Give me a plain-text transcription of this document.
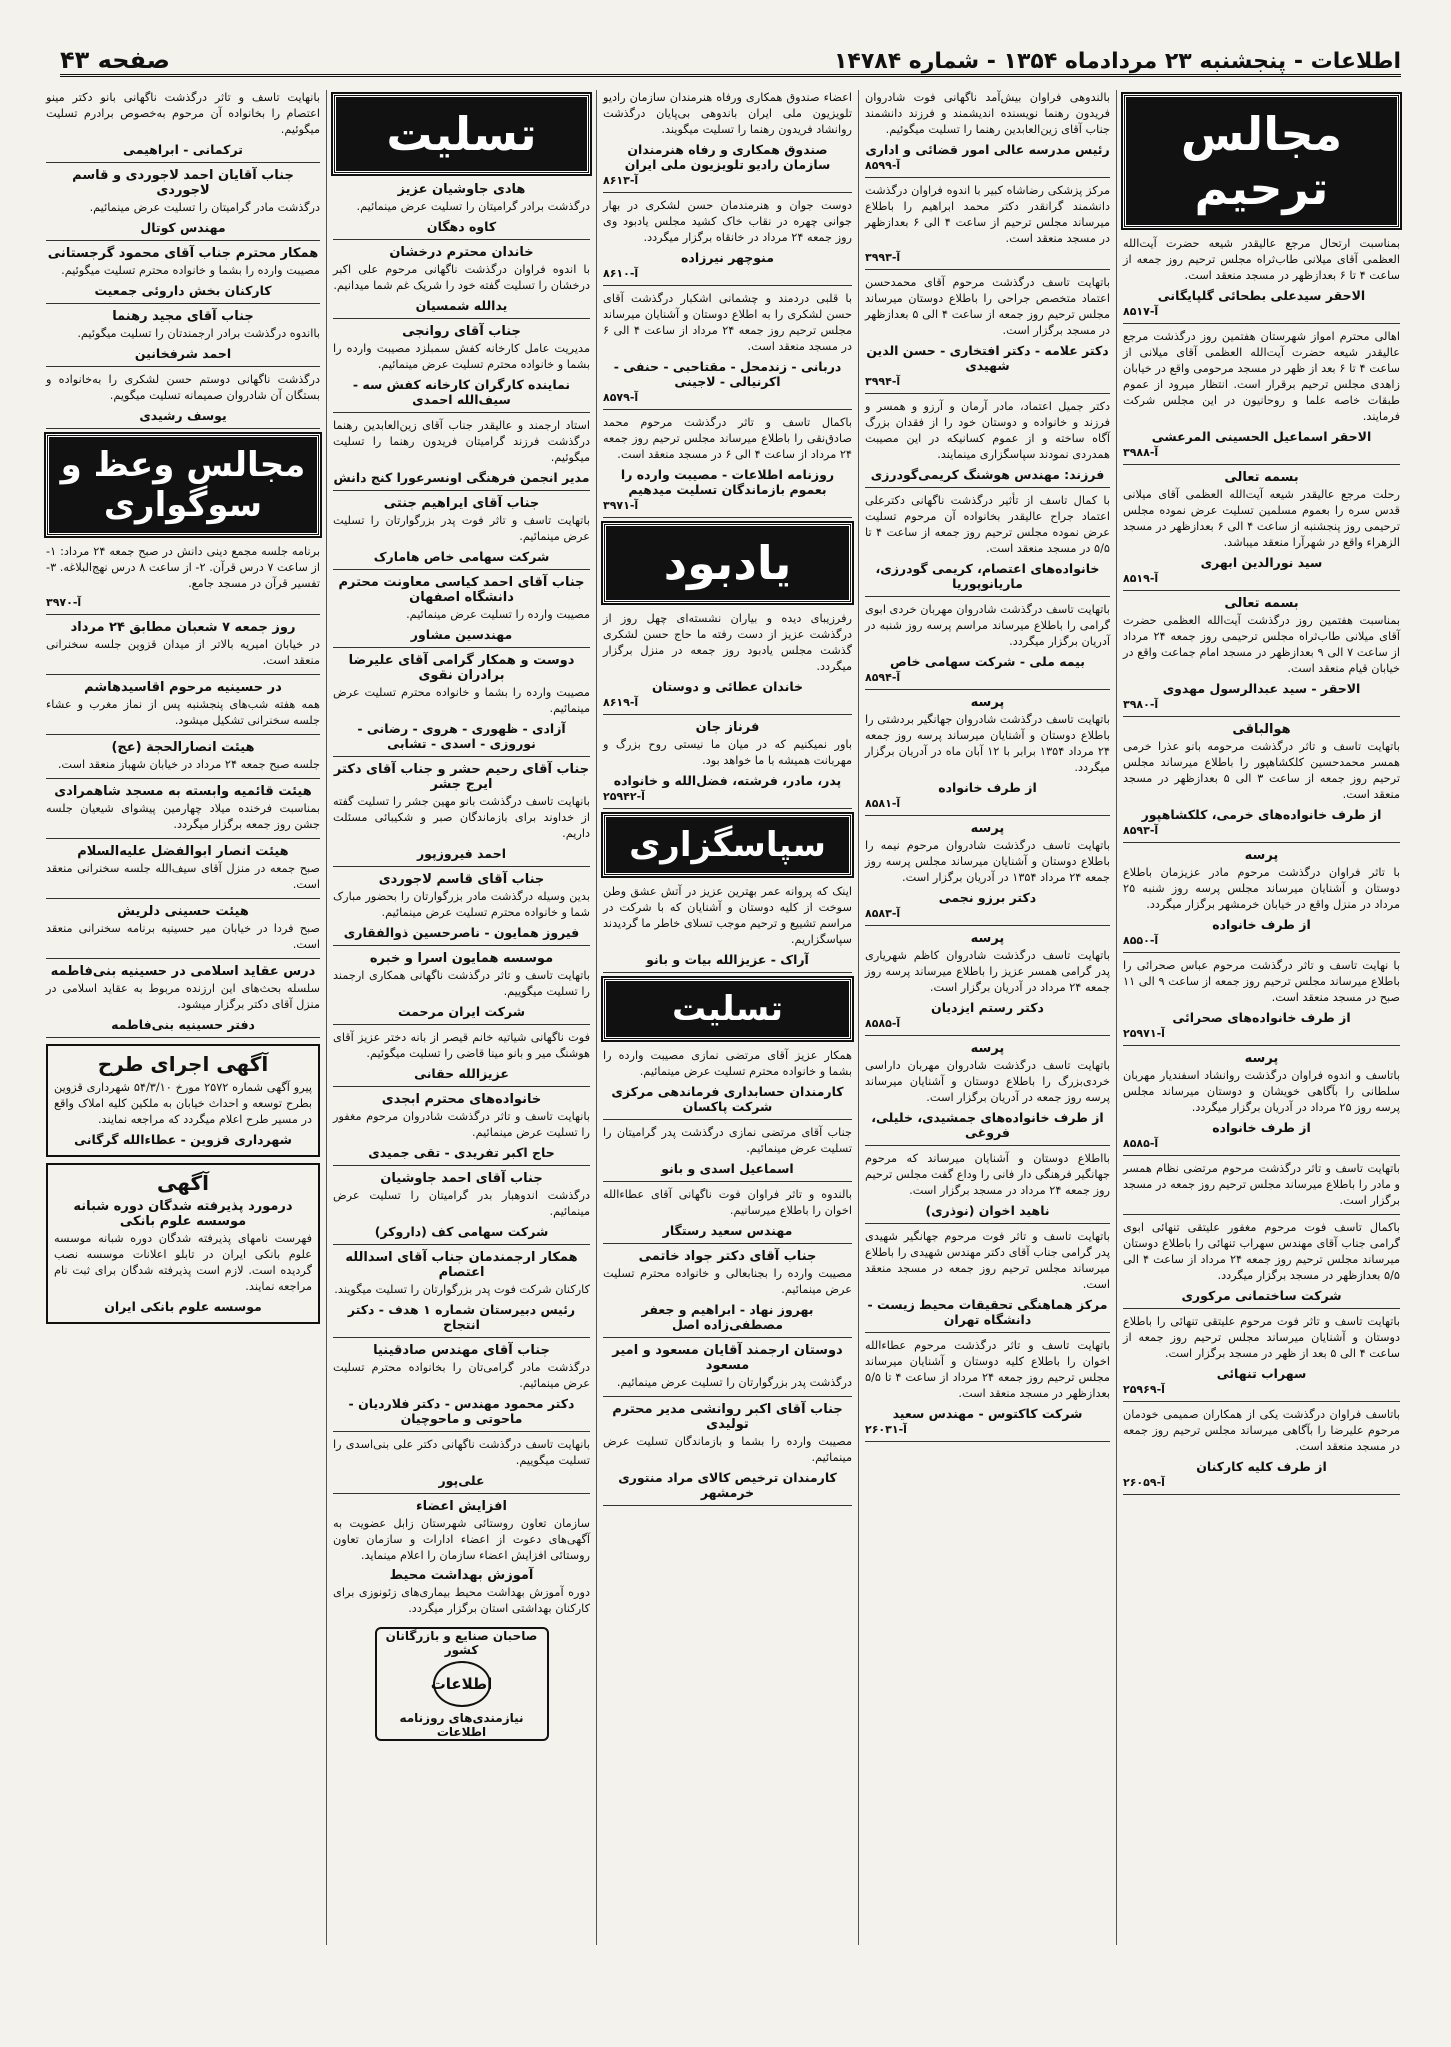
اطلاعات - پنجشنبه ۲۳ مردادماه ۱۳۵۴ - شماره ۱۴۷۸۴
صفحه ۴۳
مجالس ترحیم

بمناسبت ارتحال مرجع عالیقدر شیعه حضرت آیت‌الله العظمی آقای میلانی طاب‌ثراه مجلس ترحیم روز جمعه از ساعت ۴ تا ۶ بعدازظهر در مسجد منعقد است.

الاحقر سیدعلی بطحائی گلپایگانی
آ-۸۵۱۷

اهالی محترم امواز شهرستان هفتمین روز درگذشت مرجع عالیقدر شیعه حضرت آیت‌الله العظمی آقای میلانی از ساعت ۴ تا ۶ بعد از ظهر در مسجد مرحومی واقع در خیابان زاهدی مجلس ترحیم برقرار است. انتظار میرود از عموم طبقات خاصه علما و روحانیون در این مجلس شرکت فرمایند.

الاحقر اسماعیل الحسینی المرعشی
آ-۳۹۸۸
بسمه تعالی

رحلت مرجع عالیقدر شیعه آیت‌الله العظمی آقای میلانی قدس سره را بعموم مسلمین تسلیت عرض نموده مجلس ترحیمی روز پنجشنبه از ساعت ۴ الی ۶ بعدازظهر در مسجد الزهراء واقع در شهرآرا منعقد میباشد.

سید نورالدین ابهری
آ-۸۵۱۹
بسمه تعالی

بمناسبت هفتمین روز درگذشت آیت‌الله العظمی حضرت آقای میلانی طاب‌ثراه مجلس ترحیمی روز جمعه ۲۴ مرداد از ساعت ۷ الی ۹ بعدازظهر در مسجد امام جماعت واقع در خیابان قیام منعقد است.

الاحقر - سید عبدالرسول مهدوی
آ-۳۹۸۰
هوالباقی

باتهایت تاسف و تاثر درگذشت مرحومه بانو عذرا خرمی همسر محمدحسین کلکشاهپور را باطلاع میرساند مجلس ترحیم روز جمعه از ساعت ۳ الی ۵ بعدازظهر در مسجد منعقد است.

از طرف خانواده‌های خرمی، کلکشاهپور
آ-۸۵۹۳
پرسه

با تاثر فراوان درگذشت مرحوم مادر عزیزمان باطلاع دوستان و آشنایان میرساند مجلس پرسه روز شنبه ۲۵ مرداد در منزل واقع در خیابان خرمشهر برگزار میگردد.

از طرف خانواده
آ-۸۵۵۰

با نهایت تاسف و تاثر درگذشت مرحوم عباس صحرائی را باطلاع میرساند مجلس ترحیم روز جمعه از ساعت ۹ الی ۱۱ صبح در مسجد منعقد است.

از طرف خانواده‌های صحرائی
آ-۲۵۹۷۱
پرسه

باتاسف و اندوه فراوان درگذشت روانشاد اسفندیار مهربان سلطانی را بآگاهی خویشان و دوستان میرساند مجلس پرسه روز ۲۵ مرداد در آدریان برگزار میگردد.

از طرف خانواده
آ-۸۵۸۵

باتهایت تاسف و تاثر درگذشت مرحوم مرتضی نظام همسر و مادر را باطلاع میرساند مجلس ترحیم روز جمعه در مسجد برگزار است.

باکمال تاسف فوت مرحوم مغفور علیتقی تنهائی ابوی گرامی جناب آقای مهندس سهراب تنهائی را باطلاع دوستان میرساند مجلس ترحیم روز جمعه ۲۴ مرداد از ساعت ۴ الی ۵/۵ بعدازظهر در مسجد برگزار میگردد.

شرکت ساختمانی مرکوری

باتهایت تاسف و تاثر فوت مرحوم علیتقی تنهائی را باطلاع دوستان و آشنایان میرساند مجلس ترحیم روز جمعه از ساعت ۴ الی ۵ بعد از ظهر در مسجد برگزار است.

سهراب تنهائی
آ-۲۵۹۶۹

باتاسف فراوان درگذشت یکی از همکاران صمیمی خودمان مرحوم علیرضا را بآگاهی میرساند مجلس ترحیم روز جمعه در مسجد منعقد است.

از طرف کلیه کارکنان
آ-۲۶۰۵۹

بالندوهی فراوان بیش‌آمد ناگهانی فوت شادروان فریدون رهنما نویسنده اندیشمند و فرزند دانشمند جناب آقای زین‌العابدین رهنما را تسلیت میگوئیم.

رئیس مدرسه عالی امور قضائی و اداری
آ-۸۵۹۹

مرکز پزشکی رضاشاه کبیر با اندوه فراوان درگذشت دانشمند گرانقدر دکتر محمد ابراهیم را باطلاع میرساند مجلس ترحیم از ساعت ۴ الی ۶ بعدازظهر در مسجد منعقد است.

آ-۳۹۹۳

باتهایت تاسف درگذشت مرحوم آقای محمدحسن اعتماد متخصص جراحی را باطلاع دوستان میرساند مجلس ترحیم روز جمعه از ساعت ۴ الی ۵ بعدازظهر در مسجد برگزار است.

دکتر علامه - دکتر افتخاری - حسن الدین شهیدی
آ-۳۹۹۴

دکتر جمیل اعتماد، مادر آرمان و آرزو و همسر و فرزند و خانواده و دوستان خود را از فقدان بزرگ آگاه ساخته و از عموم کسانیکه در این مصیبت همدردی نمودند سپاسگزاری مینمایند.

فرزند: مهندس هوشنگ کریمی‌گودرزی

با کمال تاسف از تأثیر درگذشت ناگهانی دکترعلی اعتماد جراح عالیقدر بخانواده آن مرحوم تسلیت عرض نموده مجلس ترحیم روز جمعه از ساعت ۴ تا ۵/۵ در مسجد منعقد است.

خانواده‌های اعتصام، کریمی گودرزی، ماریانوپوریا

باتهایت تاسف درگذشت شادروان مهربان خردی ابوی گرامی را باطلاع میرساند مراسم پرسه روز شنبه در آدریان برگزار میگردد.

بیمه ملی - شرکت سهامی خاص
آ-۸۵۹۴
پرسه

باتهایت تاسف درگذشت شادروان جهانگیر بردشتی را باطلاع دوستان و آشنایان میرساند پرسه روز جمعه ۲۴ مرداد ۱۳۵۴ برابر با ۱۲ آبان ماه در آدریان برگزار میگردد.

از طرف خانواده
آ-۸۵۸۱
پرسه

باتهایت تاسف درگذشت شادروان مرحوم نیمه را باطلاع دوستان و آشنایان میرساند مجلس پرسه روز جمعه ۲۴ مرداد ۱۳۵۴ در آدریان برگزار است.

دکتر برزو نجمی
آ-۸۵۸۳
پرسه

باتهایت تاسف درگذشت شادروان کاظم شهریاری پدر گرامی همسر عزیز را باطلاع میرساند پرسه روز جمعه ۲۴ مرداد در آدریان برگزار است.

دکتر رستم ایزدیان
آ-۸۵۸۵
پرسه

باتهایت تاسف درگذشت شادروان مهربان داراسی خردی‌بزرگ را باطلاع دوستان و آشنایان میرساند پرسه روز جمعه در آدریان برگزار است.

از طرف خانواده‌های جمشیدی، خلیلی، فروغی

بااطلاع دوستان و آشنایان میرساند که مرحوم جهانگیر فرهنگی دار فانی را وداع گفت مجلس ترحیم روز جمعه ۲۴ مرداد در مسجد برگزار است.

ناهید اخوان (نوذری)

باتهایت تاسف و تاثر فوت مرحوم جهانگیر شهیدی پدر گرامی جناب آقای دکتر مهندس شهیدی را باطلاع میرساند مجلس ترحیم روز جمعه در مسجد منعقد است.

مرکز هماهنگی تحقیقات محیط زیست - دانشگاه تهران

باتهایت تاسف و تاثر درگذشت مرحوم عطاءالله اخوان را باطلاع کلیه دوستان و آشنایان میرساند مجلس ترحیم روز جمعه ۲۴ مرداد از ساعت ۴ تا ۵/۵ بعدازظهر در مسجد منعقد است.

شرکت کاکتوس - مهندس سعید
آ-۲۶۰۳۱

اعضاء صندوق همکاری ورفاه هنرمندان سازمان رادیو تلویزیون ملی ایران باندوهی بی‌پایان درگذشت روانشاد فریدون رهنما را تسلیت میگویند.

صندوق همکاری و رفاه هنرمندان سازمان رادیو تلویزیون ملی ایران
آ-۸۶۱۳

دوست جوان و هنرمندمان حسن لشکری در بهار جوانی چهره در نقاب خاک کشید مجلس یادبود وی روز جمعه ۲۴ مرداد در خانقاه برگزار میگردد.

منوچهر نیرزاده
آ-۸۶۱۰

با قلبی دردمند و چشمانی اشکبار درگذشت آقای حسن لشکری را به اطلاع دوستان و آشنایان میرساند مجلس ترحیم روز جمعه ۲۴ مرداد از ساعت ۴ الی ۶ در مسجد منعقد است.

دربانی - زندمحل - مقتاحبی - حنفی - اکرنیالی - لاجینی
آ-۸۵۷۹

باکمال تاسف و تاثر درگذشت مرحوم محمد صادق‌نقی را باطلاع میرساند مجلس ترحیم روز جمعه ۲۴ مرداد از ساعت ۴ الی ۶ در مسجد منعقد است.

روزنامه اطلاعات - مصیبت وارده را بعموم بازماندگان تسلیت میدهیم
آ-۳۹۷۱
یادبود

رفرزیبای دیده و بیاران نشسته‌ای چهل روز از درگذشت عزیز از دست رفته ما حاج حسن لشکری گذشت مجلس یادبود روز جمعه در منزل برگزار میگردد.

خاندان عطائی و دوستان
آ-۸۶۱۹
فرناز جان

باور نمیکنیم که در میان ما نیستی روح بزرگ و مهربانت همیشه با ما خواهد بود.

پدر، مادر، فرشته، فضل‌الله و خانواده
آ-۲۵۹۴۲
سپاسگزاری

اینک که پروانه عمر بهترین عزیز در آتش عشق وطن سوخت از کلیه دوستان و آشنایان که با شرکت در مراسم تشییع و ترحیم موجب تسلای خاطر ما گردیدند سپاسگزاریم.

آراک - عزیزالله بیات و بانو
تسلیت

همکار عزیز آقای مرتضی نمازی مصیبت وارده را بشما و خانواده محترم تسلیت عرض مینمائیم.

کارمندان حسابداری فرماندهی مرکزی شرکت پاکسان

جناب آقای مرتضی نمازی درگذشت پدر گرامیتان را تسلیت عرض مینمائیم.

اسماعیل اسدی و بانو

بالندوه و تاثر فراوان فوت ناگهانی آقای عطاءالله اخوان را باطلاع میرسانیم.

مهندس سعید رستگار
جناب آقای دکتر جواد خاتمی

مصیبت وارده را بجنابعالی و خانواده محترم تسلیت عرض مینمائیم.

بهروز نهاد - ابراهیم و جعفر مصطفی‌زاده اصل
دوستان ارجمند آقایان مسعود و امیر مسعود

درگذشت پدر بزرگوارتان را تسلیت عرض مینمائیم.

جناب آقای اکبر روانشی مدیر محترم تولیدی

مصیبت وارده را بشما و بازماندگان تسلیت عرض مینمائیم.

کارمندان ترخیص کالای مراد منتوری خرمشهر
تسلیت
هادی جاوشیان عزیز

درگذشت برادر گرامیتان را تسلیت عرض مینمائیم.

کاوه دهگان
خاندان محترم درخشان

با اندوه فراوان درگذشت ناگهانی مرحوم علی اکبر درخشان را تسلیت گفته خود را شریک غم شما میدانیم.

یدالله شمسیان
جناب آقای روانجی

مدیریت عامل کارخانه کفش سمبلزد مصیبت وارده را بشما و خانواده محترم تسلیت عرض مینمائیم.

نماینده کارگران کارخانه کفش سه - سیف‌الله احمدی

استاد ارجمند و عالیقدر جناب آقای زین‌العابدین رهنما درگذشت فرزند گرامیتان فریدون رهنما را تسلیت میگوئیم.

مدیر انجمن فرهنگی اونسرعورا کنج دانش
جناب آقای ایراهیم جنتی

باتهایت تاسف و تاثر فوت پدر بزرگوارتان را تسلیت عرض مینمائیم.

شرکت سهامی خاص هامارک
جناب آقای احمد کیاسی معاونت محترم دانشگاه اصفهان

مصیبت وارده را تسلیت عرض مینمائیم.

مهندسین مشاور
دوست و همکار گرامی آقای علیرضا برادران نقوی

مصیبت وارده را بشما و خانواده محترم تسلیت عرض مینمائیم.

آزادی - ظهوری - هروی - رضانی - نوروزی - اسدی - تشابی
جناب آقای رحیم حشر و جناب آقای دکتر ایرج جشر

بانهایت تاسف درگذشت بانو مهین جشر را تسلیت گفته از خداوند برای بازماندگان صبر و شکیبائی مسئلت داریم.

احمد فیروزپور
جناب آقای قاسم لاجوردی

بدین وسیله درگذشت مادر بزرگوارتان را بحضور مبارک شما و خانواده محترم تسلیت عرض مینمائیم.

فیروز همایون - ناصرحسین ذوالفقاری
موسسه همایون اسرا و خبره

باتهایت تاسف و تاثر درگذشت ناگهانی همکاری ارجمند را تسلیت میگوییم.

شرکت ایران مرحمت

فوت ناگهانی شیاتیه خانم قیصر از بانه دختر عزیز آقای هوشنگ میر و بانو مینا قاضی را تسلیت میگوئیم.

عزیزالله حقانی
خانواده‌های محترم ابجدی

بانهایت تاسف و تاثر درگذشت شادروان مرحوم مغفور را تسلیت عرض مینمائیم.

حاج اکبر تفریدی - تقی جمیدی
جناب آقای احمد جاوشیان

درگذشت اندوهبار بدر گرامیتان را تسلیت عرض مینمائیم.

شرکت سهامی کف (داروکر)
همکار ارجمندمان جناب آقای اسدالله اعتصام

کارکنان شرکت فوت پدر بزرگوارتان را تسلیت میگویند.

رئیس دبیرستان شماره ۱ هدف - دکتر انتجاح
جناب آقای مهندس صادقینیا

درگذشت مادر گرامی‌تان را بخانواده محترم تسلیت عرض مینمائیم.

دکتر محمود مهندس - دکتر فلاردیان - ماحوتی و ماحوچیان

بانهایت تاسف درگذشت ناگهانی دکتر علی بنی‌اسدی را تسلیت میگوییم.

علی‌پور
افزایش اعضاء

سازمان تعاون روستائی شهرستان زابل عضویت به آگهی‌های دعوت از اعضاء ادارات و سازمان تعاون روستائی افزایش اعضاء سازمان را اعلام مینماید.

آموزش بهداشت محیط

دوره آموزش بهداشت محیط بیماری‌های زئونوزی برای کارکنان بهداشتی استان برگزار میگردد.

صاحبان صنایع و بازرگانان کشور
اطلاعات
نیازمندی‌های روزنامه اطلاعات

بانهایت تاسف و تاثر درگذشت ناگهانی بانو دکتر مینو اعتصام را بخانواده آن مرحوم به‌خصوص برادرم تسلیت میگوئیم.

ترکمانی - ابراهیمی
جناب آقایان احمد لاجوردی و قاسم لاجوردی

درگذشت مادر گرامیتان را تسلیت عرض مینمائیم.

مهندس کوتال
همکار محترم جناب آقای محمود گرجستانی

مصیبت وارده را بشما و خانواده محترم تسلیت میگوئیم.

کارکنان بخش داروئی جمعیت
جناب آقای مجید رهنما

بااندوه درگذشت برادر ارجمندتان را تسلیت میگوئیم.

احمد شرفخانین

درگذشت ناگهانی دوستم حسن لشکری را به‌خانواده و بستگان آن شادروان صمیمانه تسلیت میگویم.

یوسف رشیدی
مجالس وعظ و سوگواری

برنامه جلسه مجمع دینی دانش در صبح جمعه ۲۴ مرداد: ۱- از ساعت ۷ درس قرآن. ۲- از ساعت ۸ درس نهج‌البلاغه. ۳- تفسیر قرآن در مسجد جامع.

آ-۳۹۷۰
روز جمعه ۷ شعبان مطابق ۲۴ مرداد

در خیابان امیریه بالاتر از میدان قزوین جلسه سخنرانی منعقد است.

در حسینیه مرحوم اقاسیدهاشم

همه هفته شب‌های پنجشنبه پس از نماز مغرب و عشاء جلسه سخنرانی تشکیل میشود.

هیئت انصارالحجة (عج)

جلسه صبح جمعه ۲۴ مرداد در خیابان شهباز منعقد است.

هیئت قائمیه وابسته به مسجد شاهمرادی

بمناسبت فرخنده میلاد چهارمین پیشوای شیعیان جلسه جشن روز جمعه برگزار میگردد.

هیئت انصار ابوالفضل علیه‌السلام

صبح جمعه در منزل آقای سیف‌الله جلسه سخنرانی منعقد است.

هیئت حسینی دلریش

صبح فردا در خیابان میر حسینیه برنامه سخنرانی منعقد است.

درس عقاید اسلامی در حسینیه بنی‌فاطمه

سلسله بحث‌های این ارزنده مربوط به عقاید اسلامی در منزل آقای دکتر برگزار میشود.

دفتر حسینیه بنی‌فاطمه
آگهی اجرای طرح

پیرو آگهی شماره ۲۵۷۲ مورخ ۵۴/۳/۱۰ شهرداری قزوین بطرح توسعه و احداث خیابان به ملکین کلیه املاک واقع در مسیر طرح اعلام میگردد که مراجعه نمایند.

شهرداری قزوین - عطاءالله گرگانی
آگهی
درمورد پذیرفته شدگان دوره شبانه موسسه علوم بانکی

فهرست نامهای پذیرفته شدگان دوره شبانه موسسه علوم بانکی ایران در تابلو اعلانات موسسه نصب گردیده است. لازم است پذیرفته شدگان برای ثبت نام مراجعه نمایند.

موسسه علوم بانکی ایران
